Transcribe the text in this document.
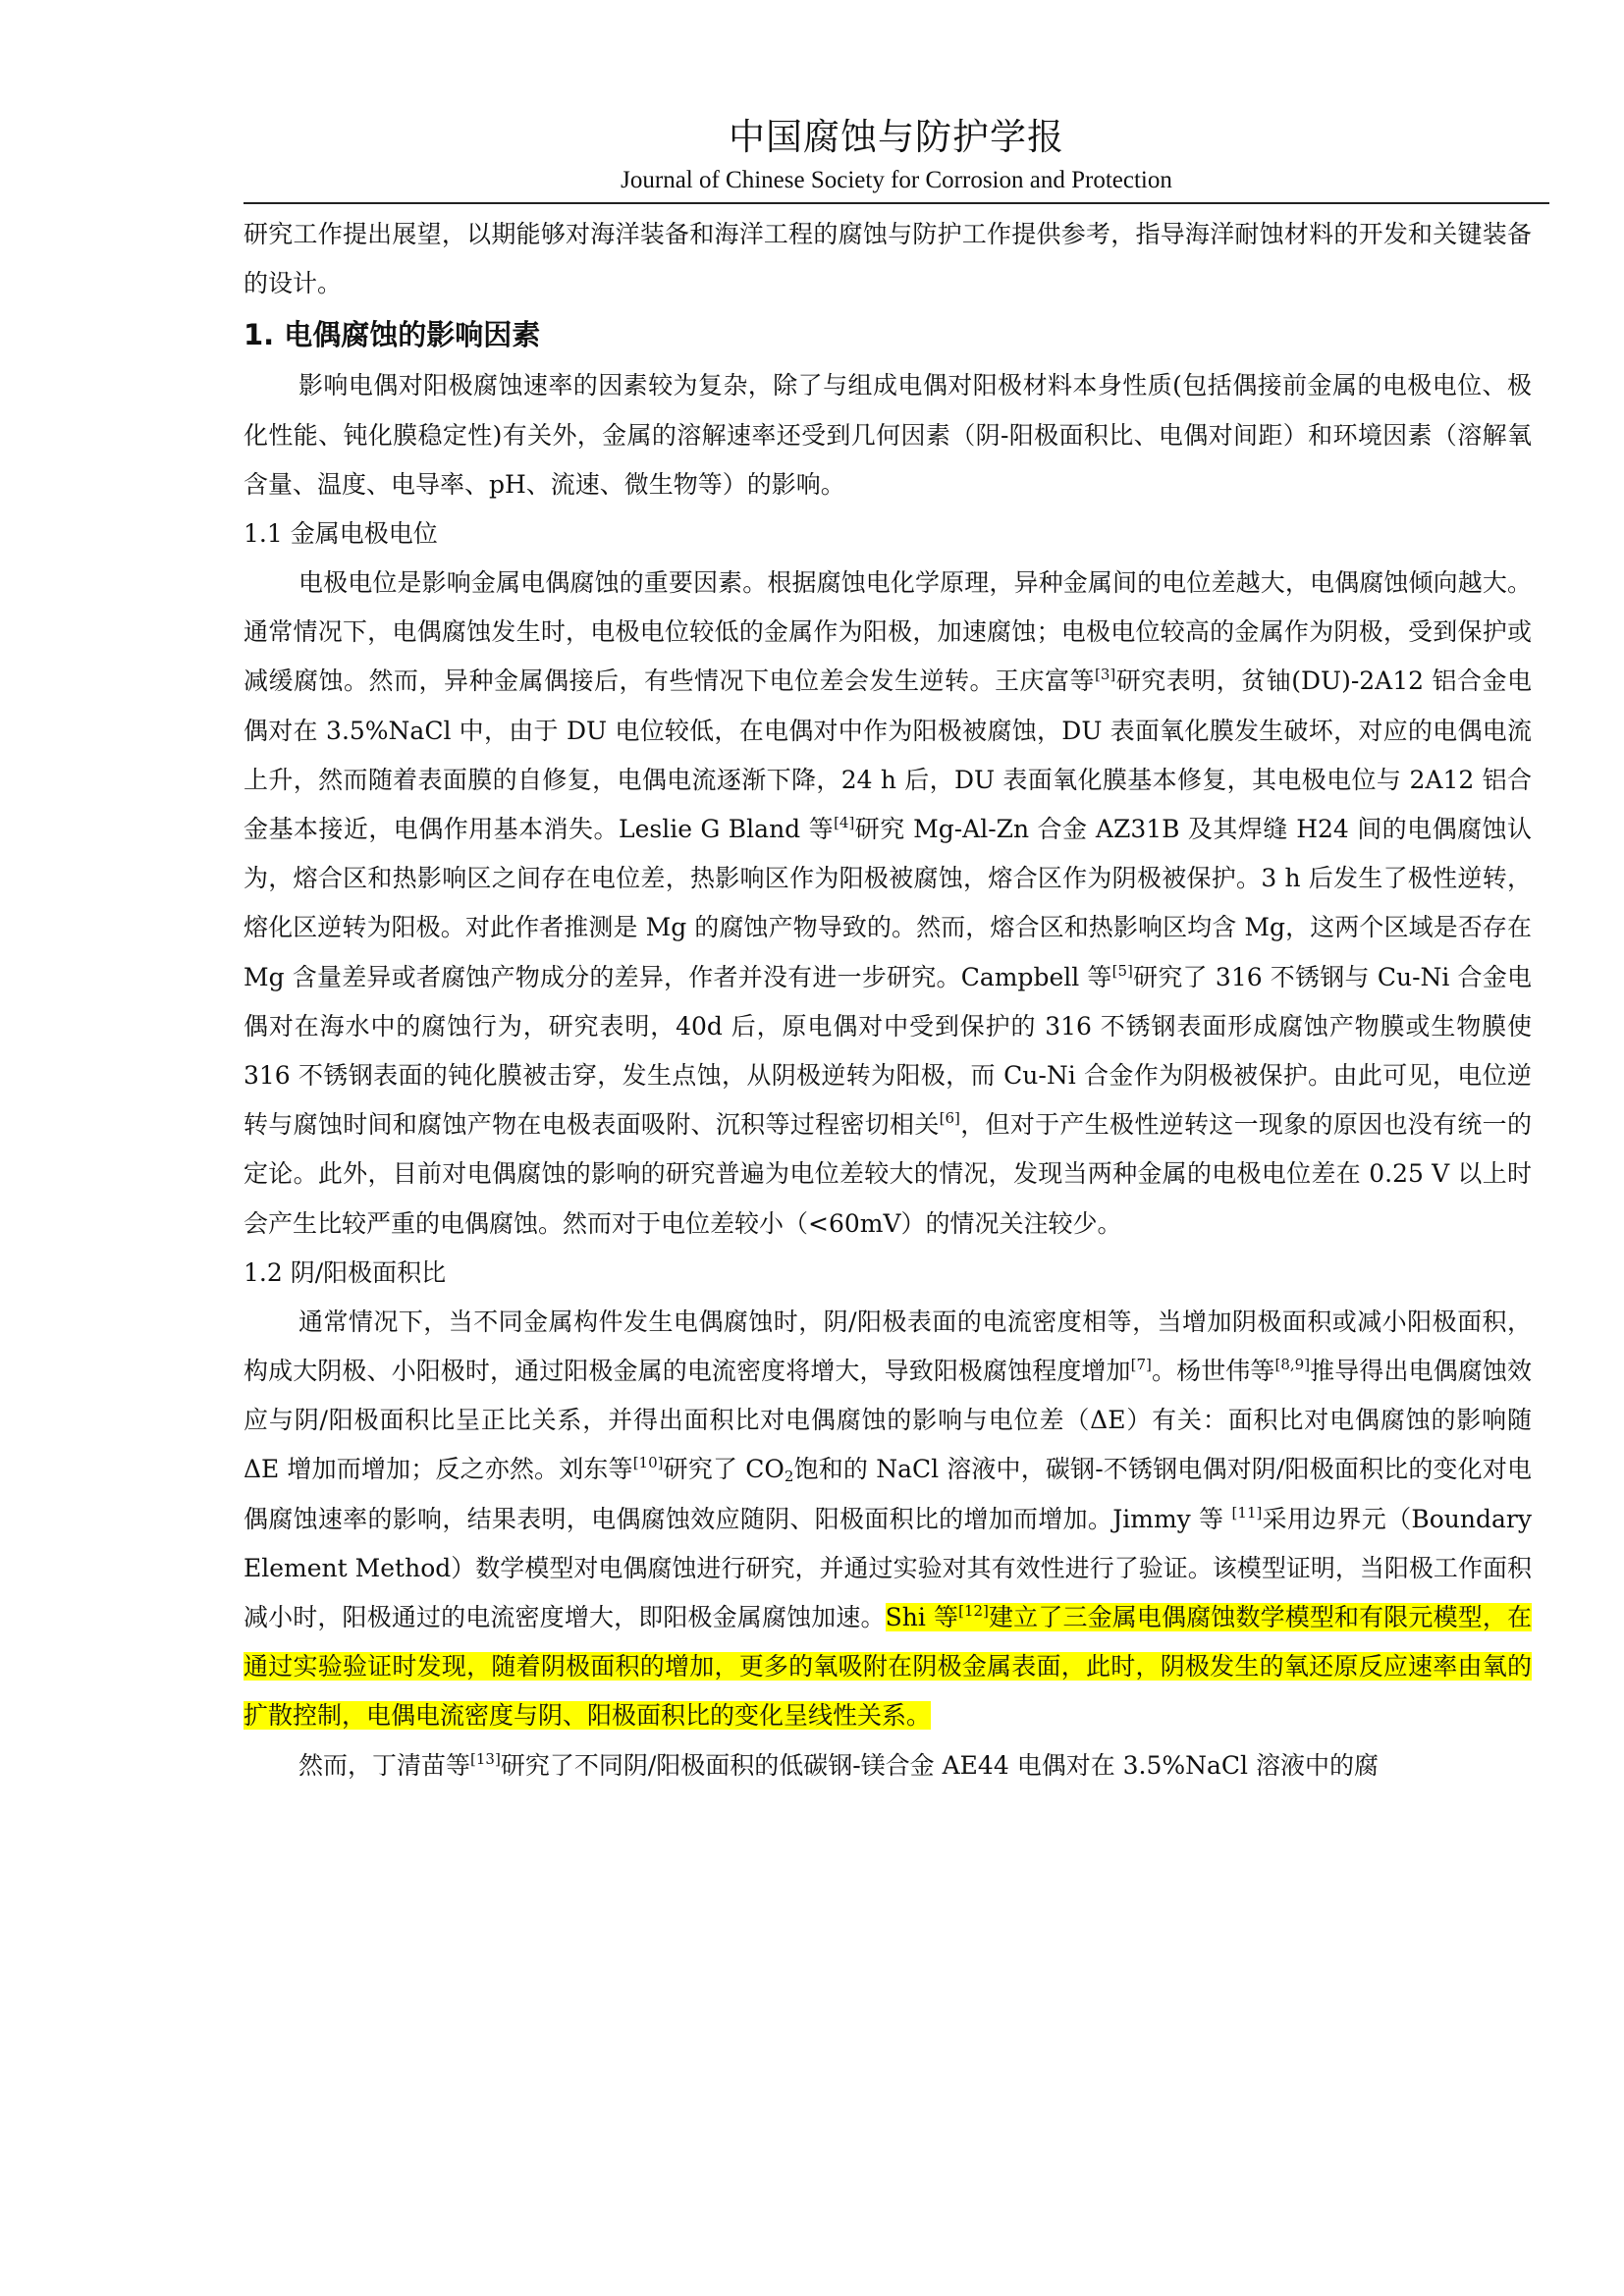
中国腐蚀与防护学报
Journal of Chinese Society for Corrosion and Protection

研究工作提出展望，以期能够对海洋装备和海洋工程的腐蚀与防护工作提供参考，指导海洋耐蚀材料的开发和关键装备的设计。

1. 电偶腐蚀的影响因素

影响电偶对阳极腐蚀速率的因素较为复杂，除了与组成电偶对阳极材料本身性质(包括偶接前金属的电极电位、极化性能、钝化膜稳定性)有关外，金属的溶解速率还受到几何因素（阴-阳极面积比、电偶对间距）和环境因素（溶解氧含量、温度、电导率、pH、流速、微生物等）的影响。

1.1 金属电极电位

电极电位是影响金属电偶腐蚀的重要因素。根据腐蚀电化学原理，异种金属间的电位差越大，电偶腐蚀倾向越大。通常情况下，电偶腐蚀发生时，电极电位较低的金属作为阳极，加速腐蚀；电极电位较高的金属作为阴极，受到保护或减缓腐蚀。然而，异种金属偶接后，有些情况下电位差会发生逆转。王庆富等[3]研究表明，贫铀(DU)-2A12 铝合金电偶对在 3.5%NaCl 中，由于 DU 电位较低，在电偶对中作为阳极被腐蚀，DU 表面氧化膜发生破坏，对应的电偶电流上升，然而随着表面膜的自修复，电偶电流逐渐下降，24 h 后，DU 表面氧化膜基本修复，其电极电位与 2A12 铝合金基本接近，电偶作用基本消失。Leslie G Bland 等[4]研究 Mg-Al-Zn 合金 AZ31B 及其焊缝 H24 间的电偶腐蚀认为，熔合区和热影响区之间存在电位差，热影响区作为阳极被腐蚀，熔合区作为阴极被保护。3 h 后发生了极性逆转，熔化区逆转为阳极。对此作者推测是 Mg 的腐蚀产物导致的。然而，熔合区和热影响区均含 Mg，这两个区域是否存在 Mg 含量差异或者腐蚀产物成分的差异，作者并没有进一步研究。Campbell 等[5]研究了 316 不锈钢与 Cu-Ni 合金电偶对在海水中的腐蚀行为，研究表明，40d 后，原电偶对中受到保护的 316 不锈钢表面形成腐蚀产物膜或生物膜使 316 不锈钢表面的钝化膜被击穿，发生点蚀，从阴极逆转为阳极，而 Cu-Ni 合金作为阴极被保护。由此可见，电位逆转与腐蚀时间和腐蚀产物在电极表面吸附、沉积等过程密切相关[6]，但对于产生极性逆转这一现象的原因也没有统一的定论。此外，目前对电偶腐蚀的影响的研究普遍为电位差较大的情况，发现当两种金属的电极电位差在 0.25 V 以上时会产生比较严重的电偶腐蚀。然而对于电位差较小（<60mV）的情况关注较少。

1.2 阴/阳极面积比

通常情况下，当不同金属构件发生电偶腐蚀时，阴/阳极表面的电流密度相等，当增加阴极面积或减小阳极面积，构成大阴极、小阳极时，通过阳极金属的电流密度将增大，导致阳极腐蚀程度增加[7]。杨世伟等[8,9]推导得出电偶腐蚀效应与阴/阳极面积比呈正比关系，并得出面积比对电偶腐蚀的影响与电位差（ΔE）有关：面积比对电偶腐蚀的影响随 ΔE 增加而增加；反之亦然。刘东等[10]研究了 $CO_2$饱和的 NaCl 溶液中，碳钢-不锈钢电偶对阴/阳极面积比的变化对电偶腐蚀速率的影响，结果表明，电偶腐蚀效应随阴、阳极面积比的增加而增加。Jimmy 等 [11]采用边界元（Boundary Element Method）数学模型对电偶腐蚀进行研究，并通过实验对其有效性进行了验证。该模型证明，当阳极工作面积减小时，阳极通过的电流密度增大，即阳极金属腐蚀加速。Shi 等[12]建立了三金属电偶腐蚀数学模型和有限元模型，在通过实验验证时发现，随着阴极面积的增加，更多的氧吸附在阴极金属表面，此时，阴极发生的氧还原反应速率由氧的扩散控制，电偶电流密度与阴、阳极面积比的变化呈线性关系。

然而，丁清苗等[13]研究了不同阴/阳极面积的低碳钢-镁合金 AE44 电偶对在 3.5%NaCl 溶液中的腐
